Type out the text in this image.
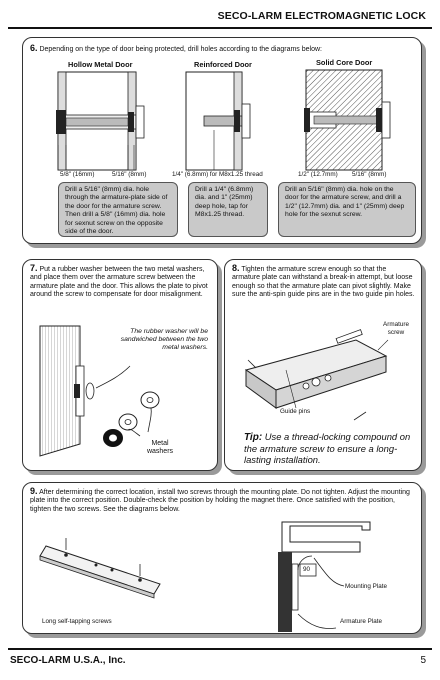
SECO-LARM ELECTROMAGNETIC LOCK
6. Depending on the type of door being protected, drill holes according to the diagrams below:
Hollow Metal Door	Reinforced Door	Solid Core Door
5/8" (16mm)	5/16" (8mm)	1/4" (6.8mm) for M8x1.25 thread	1/2" (12.7mm) 5/16" (8mm)
Drill a 5/16" (8mm) dia. hole through the armature-plate side of the door for the armature screw. Then drill a 5/8" (16mm) dia. hole for sexnut screw on the opposite side of the door.
Drill a 1/4" (6.8mm) dia. and 1" (25mm) deep hole, tap for M8x1.25 thread.
Drill an 5/16" (8mm) dia. hole on the door for the armature screw, and drill a 1/2" (12.7mm) dia. and 1" (25mm) deep hole for the sexnut screw.
7. Put a rubber washer between the two metal washers, and place them over the armature screw between the armature plate and the door. This allows the plate to pivot around the screw to compensate for door misalignment.
The rubber washer will be sandwiched between the two metal washers.
Metal washers
8. Tighten the armature screw enough so that the armature plate can withstand a break-in attempt, but loose enough so that the armature plate can pivot slightly. Make sure the anti-spin guide pins are in the two guide pin holes.
Armature screw
Guide pins
Tip: Use a thread-locking compound on the armature screw to ensure a long-lasting installation.
9. After determining the correct location, install two screws through the mounting plate. Do not tighten. Adjust the mounting plate into the correct position. Double-check the position by holding the magnet there. Once satisfied with the position, tighten the two screws. See the diagrams below.
Long self-tapping screws
90
Mounting Plate
Armature Plate
SECO-LARM U.S.A., Inc.	5
